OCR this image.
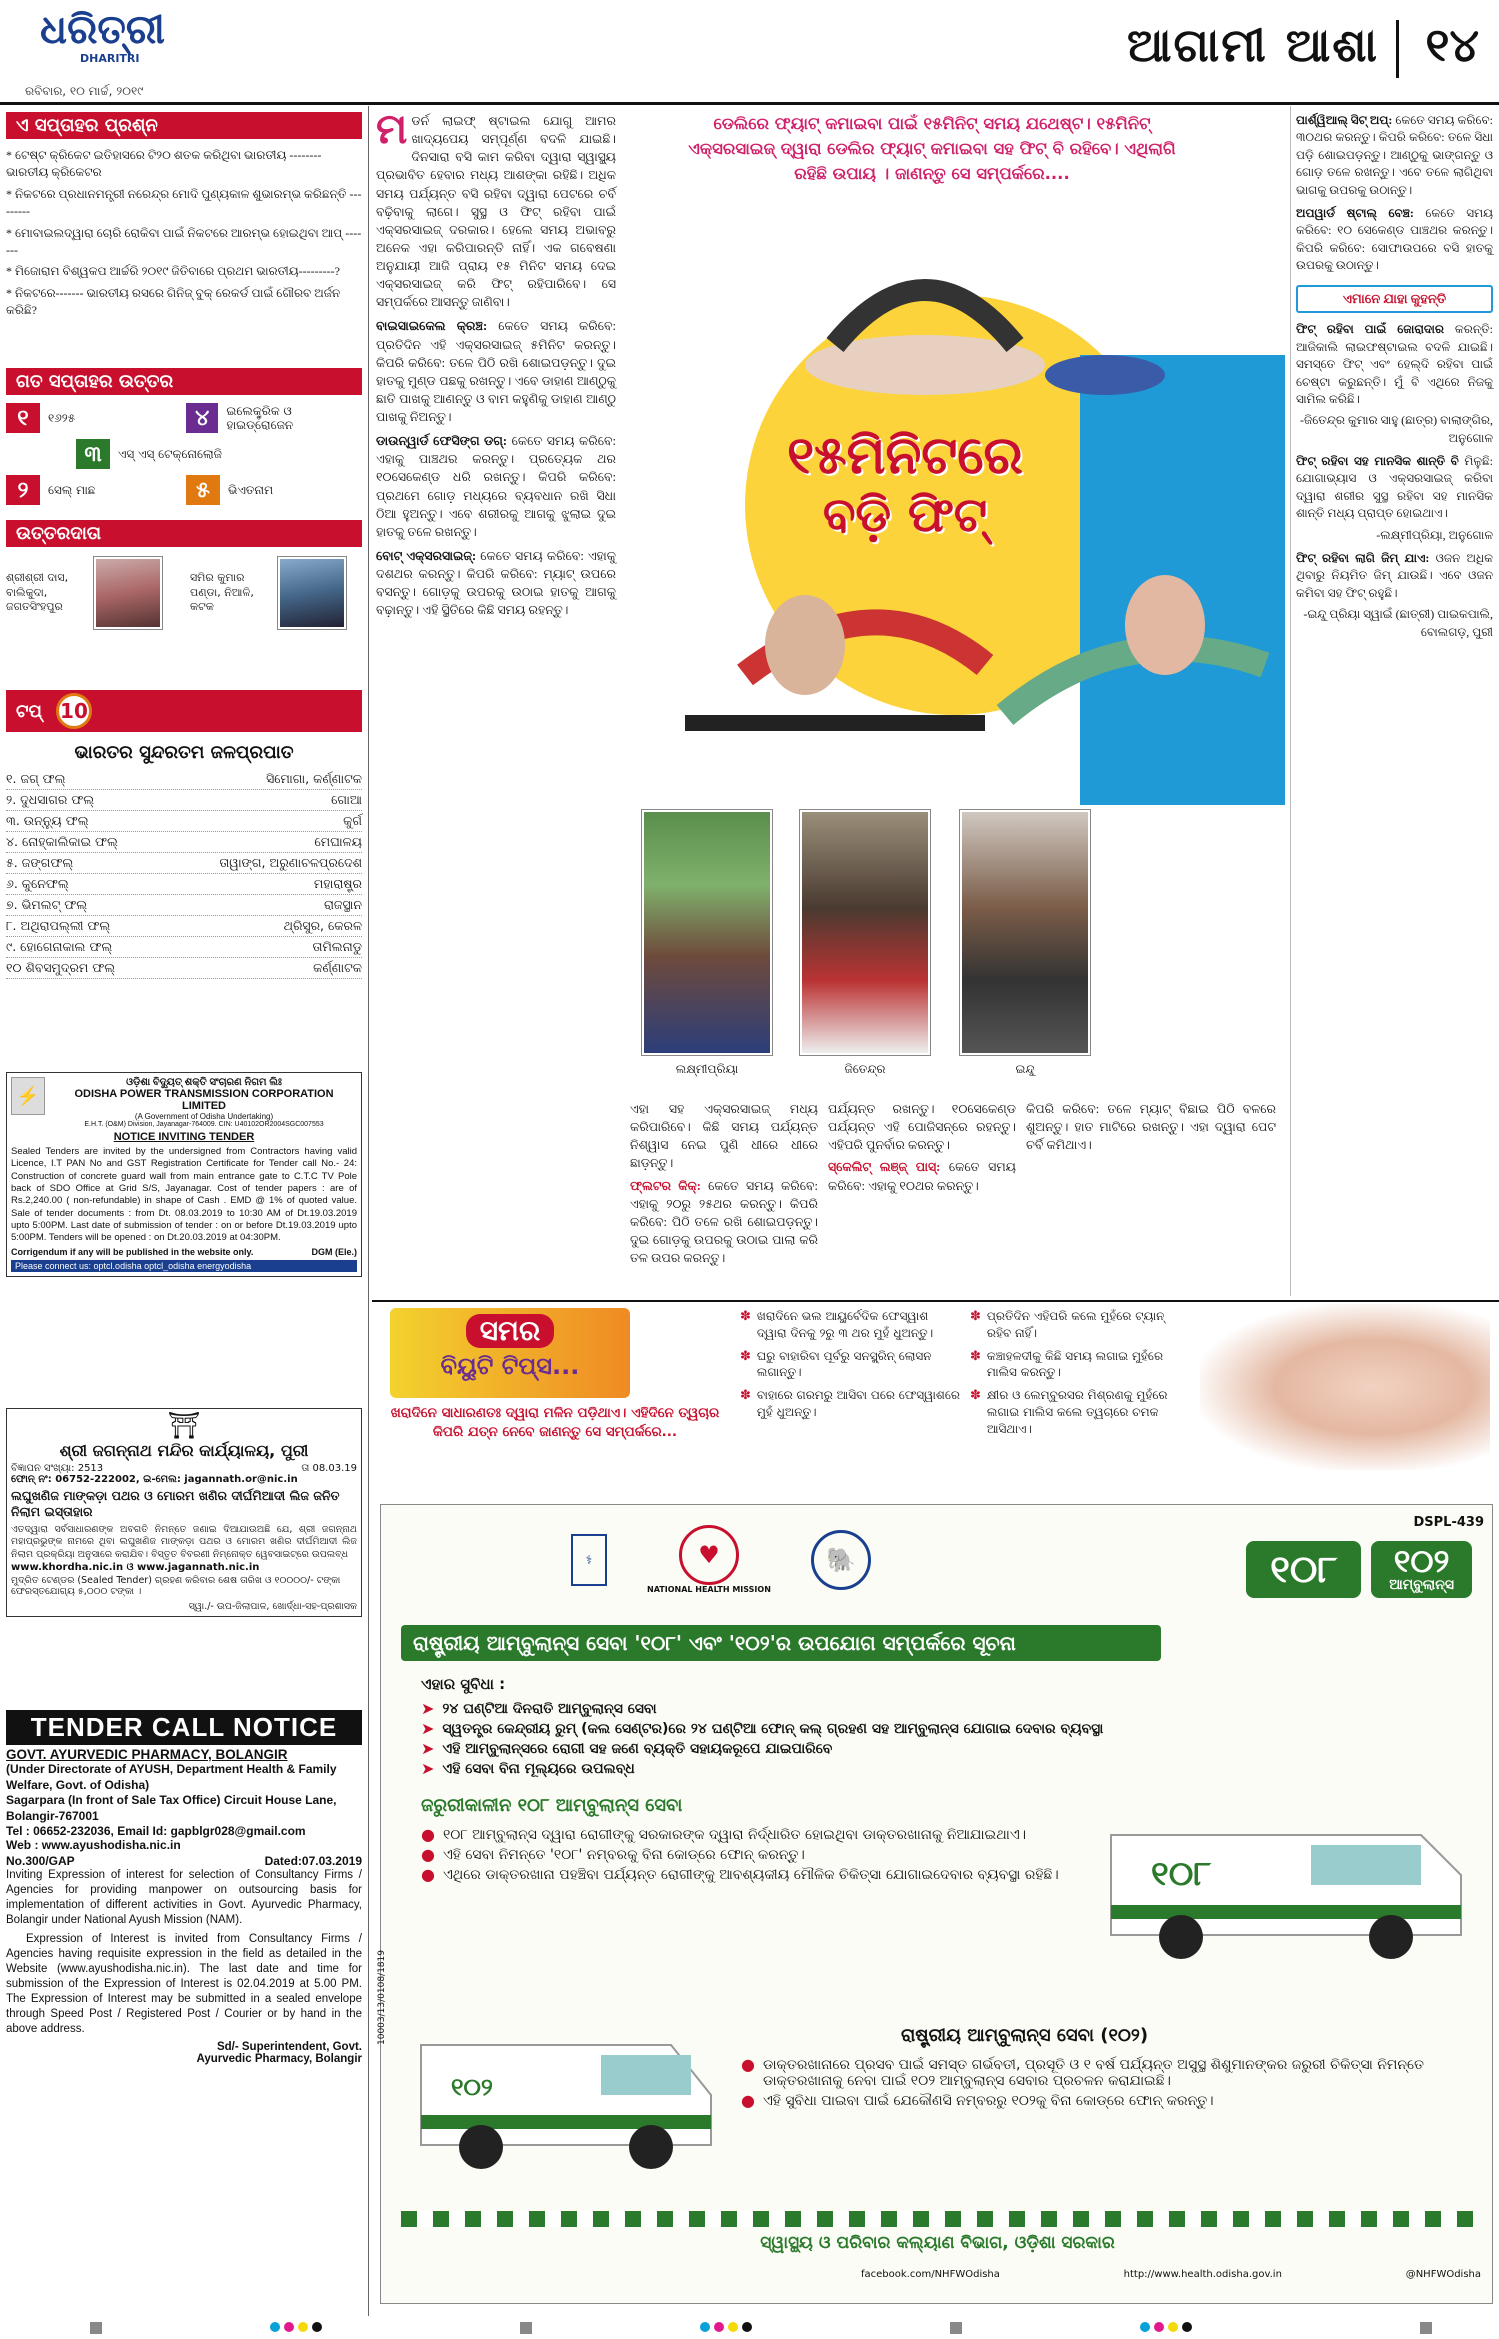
ଧରିତ୍ରୀ
DHARITRI
ରବିବାର, ୧୦ ମାର୍ଚ୍ଚ, ୨୦୧୯
ଆଗାମୀ ଆଶା ୧୪
ଏ ସପ୍ତାହର ପ୍ରଶ୍ନ
* ଟେଷ୍ଟ କ୍ରିକେଟ ଇତିହାସରେ ଟି୨୦ ଶତକ କରିଥିବା ଭାରତୀୟ --------ଭାରତୀୟ କ୍ରିକେଟର
* ନିକଟରେ ପ୍ରଧାନମନ୍ତ୍ରୀ ନରେନ୍ଦ୍ର ମୋଦି ପୁଣ୍ୟକାଳ ଶୁଭାରମ୍ଭ କରିଛନ୍ତି ---------
* ମୋବାଇଲଦ୍ୱାରା ଚୋରି ରୋକିବା ପାଇଁ ନିକଟରେ ଆରମ୍ଭ ହୋଇଥିବା ଆପ୍ -------
* ମିଜୋରାମ ବିଶ୍ୱକପ ଆର୍ଚ୍ଚରି ୨୦୧୯ ଜିତିବାରେ ପ୍ରଥମ ଭାରତୀୟ---------?
* ନିକଟରେ------- ଭାରତୀୟ ରସରେ ଗିନିଜ୍ ବୁକ୍ ରେକର୍ଡ ପାଇଁ ଗୌରବ ଅର୍ଜନ କରିଛି?
ଗତ ସପ୍ତାହର ଉତ୍ତର
୧	୧୬୨୫	୪	ଇଲେକ୍ଟ୍ରିକ ଓ ହାଇଡ୍ରୋଜେନ
୩	ଏସ୍ ଏସ୍ ଟେକ୍ନୋଲୋଜି
୨	ସେଲ୍ ମାଛ	୫	ଭିଏତନାମ
ଉତ୍ତରଦାତା
ଶ୍ରୀଶ୍ରୀ ଦାସ, ବାଲିକୁଦା, ଜଗତସିଂହପୁର
ସମିର କୁମାର ପଣ୍ଡା, ନିଆଳି, କଟକ
ଟପ୍ 10
ଭାରତର ସୁନ୍ଦରତମ ଜଳପ୍ରପାତ
୧. ଜଗ୍ ଫଲ୍	ସିମୋଗା, କର୍ଣ୍ଣାଟକ
୨. ଦୁଧସାଗର ଫଲ୍	ଗୋଆ
୩. ଉନ୍ନ୍ୟୁ ଫଲ୍	କୁର୍ଗ
୪. ନୋହ୍‌କାଲିକାଇ ଫଲ୍	ମେଘାଳୟ
୫. ଜଙ୍ଗଫଲ୍	ତାୱାଙ୍ଗ, ଅରୁଣାଚଳପ୍ରଦେଶ
୬. କୁନେଫଲ୍	ମହାରାଷ୍ଟ୍ର
୭. ଭିମଲଟ୍ ଫଲ୍	ରାଜସ୍ଥାନ
୮. ଅଥିରାପଲ୍ଲୀ ଫଲ୍	ଥ୍ରିସୁର, କେରଳ
୯. ହୋଗେନାକାଲ ଫଲ୍	ତାମିଲନାଡୁ
୧୦ ଶିବସମୁଦ୍ରମ ଫଲ୍	କର୍ଣ୍ଣାଟକ
⚡
ଓଡ଼ିଶା ବିଦ୍ୟୁତ୍ ଶକ୍ତି ସଂଚାରଣ ନିଗମ ଲିଃ
ODISHA POWER TRANSMISSION CORPORATION LIMITED
(A Government of Odisha Undertaking)
E.H.T. (O&M) Division, Jayanagar-764009. CIN: U40102OR2004SGC007553
NOTICE INVITING TENDER
Sealed Tenders are invited by the undersigned from Contractors having valid Licence, I.T PAN No and GST Registration Certificate for Tender call No.- 24: Construction of concrete guard wall from main entrance gate to C.T.C TV Pole back of SDO Office at Grid S/S, Jayanagar. Cost of tender papers : are of Rs.2,240.00 ( non-refundable) in shape of Cash . EMD @ 1% of quoted value. Sale of tender documents : from Dt. 08.03.2019 to 10:30 AM of Dt.19.03.2019 upto 5:00PM. Last date of submission of tender : on or before Dt.19.03.2019 upto 5:00PM. Tenders will be opened : on Dt.20.03.2019 at 04:30PM.
Corrigendum if any will be published in the website only.	DGM (Ele.)
Please connect us: optcl.odisha optcl_odisha energyodisha
⛩
ଶ୍ରୀ ଜଗନ୍ନାଥ ମନ୍ଦିର କାର୍ଯ୍ୟାଳୟ, ପୁରୀ
ବିଜ୍ଞାପନ ସଂଖ୍ୟା: 2513	ତା 08.03.19
ଫୋନ୍ ନଂ: 06752-222002, ଇ-ମେଲ: jagannath.or@nic.in
ଲଘୁଖଣିଜ ମାଙ୍କଡ଼ା ପଥର ଓ ମୋରମ ଖଣିର ଦୀର୍ଘମିଆଦୀ ଲିଜ ଜନିତ ନିଲାମ ଇସ୍ତାହାର
ଏତଦ୍ୱାରା ସର୍ବସାଧାରଣଙ୍କ ଅବଗତି ନିମନ୍ତେ ଜଣାଇ ଦିଆଯାଉଅଛି ଯେ, ଶ୍ରୀ ଜଗନ୍ନାଥ ମହାପ୍ରଭୁଙ୍କ ନାମରେ ଥିବା ଲଘୁଖଣିଜ ମାଙ୍କଡ଼ା ପଥର ଓ ମୋରମ ଖଣିର ଦୀର୍ଘମିଆଦୀ ଲିଜ ନିଲାମ ପ୍ରକ୍ରିୟା ଅନୁସାରେ କରାଯିବ। ବିସ୍ତୃତ ବିବରଣୀ ନିମ୍ନୋକ୍ତ ୱେବସାଇଟ୍‌ରେ ଉପଲବ୍ଧ
www.khordha.nic.in ଓ www.jagannath.nic.in
ମୁଦ୍ରିତ ଟେଣ୍ଡର (Sealed Tender) ଗ୍ରହଣ କରିବାର ଶେଷ ତାରିଖ ଓ ୧୦୦୦୦/- ଟଙ୍କା ଫେରସ୍ତଯୋଗ୍ୟ ୫,୦୦୦ ଟଙ୍କା ।
ସ୍ୱା./- ଉପ-ଜିଲାପାଳ, ଖୋର୍ଦ୍ଧା-ସହ-ପ୍ରଶାସକ
TENDER CALL NOTICE
GOVT. AYURVEDIC PHARMACY, BOLANGIR
(Under Directorate of AYUSH, Department Health & Family Welfare, Govt. of Odisha)
Sagarpara (In front of Sale Tax Office) Circuit House Lane, Bolangir-767001
Tel : 06652-232036, Email Id: gapblgr028@gmail.com
Web : www.ayushodisha.nic.in
No.300/GAP	Dated:07.03.2019
Inviting Expression of interest for selection of Consultancy Firms / Agencies for providing manpower on outsourcing basis for implementation of different activities in Govt. Ayurvedic Pharmacy, Bolangir under National Ayush Mission (NAM).
Expression of Interest is invited from Consultancy Firms / Agencies having requisite expression in the field as detailed in the Website (www.ayushodisha.nic.in). The last date and time for submission of the Expression of Interest is 02.04.2019 at 5.00 PM. The Expression of Interest may be submitted in a sealed envelope through Speed Post / Registered Post / Courier or by hand in the above address.
Sd/- Superintendent, Govt.
Ayurvedic Pharmacy, Bolangir
ଡେଲିରେ ଫ୍ୟାଟ୍ କମାଇବା ପାଇଁ ୧୫ମିନିଟ୍ ସମୟ ଯଥେଷ୍ଟ। ୧୫ମିନିଟ୍ ଏକ୍ସରସାଇଜ୍ ଦ୍ୱାରା ଡେଲିର ଫ୍ୟାଟ୍ କମାଇବା ସହ ଫିଟ୍ ବି ରହିବେ। ଏଥିଲାଗି ରହିଛି ଉପାୟ । ଜାଣନ୍ତୁ ସେ ସମ୍ପର୍କରେ....
ମ ଡର୍ନ ଲାଇଫ୍ ଷ୍ଟାଇଲ ଯୋଗୁ ଆମର ଖାଦ୍ୟପେୟ ସମ୍ପୂର୍ଣ୍ଣ ବଦଳି ଯାଇଛି। ଦିନସାରା ବସି କାମ କରିବା ଦ୍ୱାରା ସ୍ୱାସ୍ଥ୍ୟ ପ୍ରଭାବିତ ହେବାର ମଧ୍ୟ ଆଶଙ୍କା ରହିଛି। ଅଧିକ ସମୟ ପର୍ଯ୍ୟନ୍ତ ବସି ରହିବା ଦ୍ୱାରା ପେଟରେ ଚର୍ବି ବଢ଼ିବାକୁ ଲାଗେ। ସୁସ୍ଥ ଓ ଫିଟ୍ ରହିବା ପାଇଁ ଏକ୍ସରସାଇଜ୍ ଦରକାର। ହେଲେ ସମୟ ଅଭାବରୁ ଅନେକ ଏହା କରିପାରନ୍ତି ନାହିଁ। ଏକ ଗବେଷଣା ଅନୁଯାୟୀ ଆଜି ପ୍ରାୟ ୧୫ ମିନିଟ ସମୟ ଦେଇ ଏକ୍ସରସାଇଜ୍ କରି ଫିଟ୍ ରହିପାରିବେ। ସେ ସମ୍ପର୍କରେ ଆସନ୍ତୁ ଜାଣିବା।

ବାଇସାଇକେଲ କ୍ରଞ୍ଚ: କେତେ ସମୟ କରିବେ: ପ୍ରତିଦିନ ଏହି ଏକ୍ସରସାଇଜ୍ ୫ମିନିଟ କରନ୍ତୁ। କିପରି କରିବେ: ତଳେ ପିଠି ରଖି ଶୋଇପଡ଼ନ୍ତୁ। ଦୁଇ ହାତକୁ ମୁଣ୍ଡ ପଛକୁ ରଖନ୍ତୁ। ଏବେ ଡାହାଣ ଆଣ୍ଠୁକୁ ଛାତି ପାଖକୁ ଆଣନ୍ତୁ ଓ ବାମ କହୁଣିକୁ ଡାହାଣ ଆଣ୍ଠୁ ପାଖକୁ ନିଅନ୍ତୁ।

ଡାଉନ୍‌ୱାର୍ଡ ଫେସିଙ୍ଗ ଡଗ୍: କେତେ ସମୟ କରିବେ: ଏହାକୁ ପାଞ୍ଚଥର କରନ୍ତୁ। ପ୍ରତ୍ୟେକ ଥର ୧୦ସେକେଣ୍ଡ ଧରି ରଖନ୍ତୁ। କିପରି କରିବେ: ପ୍ରଥମେ ଗୋଡ଼ ମଧ୍ୟରେ ବ୍ୟବଧାନ ରଖି ସିଧା ଠିଆ ହୁଅନ୍ତୁ। ଏବେ ଶରୀରକୁ ଆଗକୁ ଝୁଲାଇ ଦୁଇ ହାତକୁ ତଳେ ରଖନ୍ତୁ।

ବୋଟ୍ ଏକ୍ସରସାଇଜ୍: କେତେ ସମୟ କରିବେ: ଏହାକୁ ଦଶଥର କରନ୍ତୁ। କିପରି କରିବେ: ମ୍ୟାଟ୍ ଉପରେ ବସନ୍ତୁ। ଗୋଡ଼କୁ ଉପରକୁ ଉଠାଇ ହାତକୁ ଆଗକୁ ବଢ଼ାନ୍ତୁ। ଏହି ସ୍ଥିତିରେ କିଛି ସମୟ ରହନ୍ତୁ।

୧୫ମିନିଟରେ
ବଡ଼ି ଫିଟ୍
ଲକ୍ଷ୍ମୀପ୍ରିୟା	ଜିତେନ୍ଦ୍ର	ଇନ୍ଦୁ
ଏହା ସହ ଏକ୍ସରସାଇଜ୍ ମଧ୍ୟ କରିପାରିବେ। କିଛି ସମୟ ପର୍ଯ୍ୟନ୍ତ ନିଶ୍ୱାସ ନେଇ ପୁଣି ଧୀରେ ଧୀରେ ଛାଡ଼ନ୍ତୁ।

ଫ୍ଲଟର କିକ୍: କେତେ ସମୟ କରିବେ: ଏହାକୁ ୨୦ରୁ ୨୫ଥର କରନ୍ତୁ। କିପରି କରିବେ: ପିଠି ତଳେ ରଖି ଶୋଇପଡ଼ନ୍ତୁ। ଦୁଇ ଗୋଡ଼କୁ ଉପରକୁ ଉଠାଇ ପାଲା କରି ତଳ ଉପର କରନ୍ତୁ।

ପର୍ଯ୍ୟନ୍ତ ରଖନ୍ତୁ। ୧୦ସେକେଣ୍ଡ ପର୍ଯ୍ୟନ୍ତ ଏହି ପୋଜିସନ୍‌ରେ ରହନ୍ତୁ। ଏହିପରି ପୁନର୍ବାର କରନ୍ତୁ।

ସ୍କେଲିଟ୍ ଲଞ୍ଜ୍ ପାସ୍: କେତେ ସମୟ କରିବେ: ଏହାକୁ ୧୦ଥର କରନ୍ତୁ।

କିପରି କରିବେ: ତଳେ ମ୍ୟାଟ୍ ବିଛାଇ ପିଠି ବଳରେ ଶୁଅନ୍ତୁ। ହାତ ମାଟିରେ ରଖନ୍ତୁ। ଏହା ଦ୍ୱାରା ପେଟ ଚର୍ବି କମିଥାଏ।

ପାର୍ଶ୍ୱିଆଲ୍ ସିଟ୍ ଅପ୍: କେତେ ସମୟ କରିବେ: ୩୦ଥର କରନ୍ତୁ। କିପରି କରିବେ: ତଳେ ସିଧା ପଡ଼ି ଶୋଇପଡ଼ନ୍ତୁ। ଆଣ୍ଠୁକୁ ଭାଙ୍ଗନ୍ତୁ ଓ ଗୋଡ଼ ତଳେ ରଖନ୍ତୁ। ଏବେ ତଳେ ଲାଗିଥିବା ଭାଗକୁ ଉପରକୁ ଉଠାନ୍ତୁ।

ଅପୱାର୍ଡ ଷ୍ଟାଲ୍ ବେଞ୍ଚ: କେତେ ସମୟ କରିବେ: ୧୦ ସେକେଣ୍ଡ ପାଞ୍ଚଥର କରନ୍ତୁ। କିପରି କରିବେ: ସୋଫାଉପରେ ବସି ହାତକୁ ଉପରକୁ ଉଠାନ୍ତୁ।

ଏମାନେ ଯାହା କୁହନ୍ତି

ଫିଟ୍ ରହିବା ପାଇଁ ଜୋରାଦାର କରନ୍ତି: ଆଜିକାଲି ଲାଇଫଷ୍ଟାଇଲ ବଦଳି ଯାଇଛି। ସମସ୍ତେ ଫିଟ୍ ଏବଂ ହେଲ୍ଦି ରହିବା ପାଇଁ ଚେଷ୍ଟା କରୁଛନ୍ତି। ମୁଁ ବି ଏଥିରେ ନିଜକୁ ସାମିଲ କରିଛି।

-ଜିତେନ୍ଦ୍ର କୁମାର ସାହୁ (ଛାତ୍ର) ବାଲାଙ୍ଗିର, ଅନୁଗୋଳ

ଫିଟ୍ ରହିବା ସହ ମାନସିକ ଶାନ୍ତି ବି ମିଳୁଛି: ଯୋଗାଭ୍ୟାସ ଓ ଏକ୍ସରସାଇଜ୍ କରିବା ଦ୍ୱାରା ଶରୀର ସୁସ୍ଥ ରହିବା ସହ ମାନସିକ ଶାନ୍ତି ମଧ୍ୟ ପ୍ରାପ୍ତ ହୋଇଥାଏ।

-ଲକ୍ଷ୍ମୀପ୍ରିୟା, ଅନୁଗୋଳ

ଫିଟ୍ ରହିବା ଲାଗି ଜିମ୍ ଯାଏ: ଓଜନ ଅଧିକ ଥିବାରୁ ନିୟମିତ ଜିମ୍ ଯାଉଛି। ଏବେ ଓଜନ କମିବା ସହ ଫିଟ୍ ରହୁଛି।

-ଇନ୍ଦୁ ପ୍ରିୟା ସ୍ୱାଇଁ (ଛାତ୍ରୀ) ପାଇକପାଲି, ବୋଲଗଡ଼, ପୁରୀ

ସମର
ବିୟୁଟି ଟିପ୍ସ...
ଖରାଦିନେ ସାଧାରଣତଃ ଦ୍ୱାରା ମଳିନ ପଡ଼ିଥାଏ। ଏହିଦିନେ ତ୍ୱଚାର କିପରି ଯତ୍ନ ନେବେ ଜାଣନ୍ତୁ ସେ ସମ୍ପର୍କରେ...
✽ ଖରାଦିନେ ଭଲ ଆୟୁର୍ବେଦିକ ଫେସ୍‌ୱାଶ ଦ୍ୱାରା ଦିନକୁ ୨ରୁ ୩ ଥର ମୁହଁ ଧୁଅନ୍ତୁ।
✽ ଘରୁ ବାହାରିବା ପୂର୍ବରୁ ସନସ୍କ୍ରିନ୍ ଲୋସନ ଲଗାନ୍ତୁ।
✽ ବାହାରେ ଗରମରୁ ଆସିବା ପରେ ଫେସ୍‌ୱାଶରେ ମୁହଁ ଧୁଅନ୍ତୁ।
✽ ପ୍ରତିଦିନ ଏହିପରି କଲେ ମୁହଁରେ ଟ୍ୟାନ୍ ରହିବ ନାହିଁ।
✽ କଞ୍ଚାହଳଦୀକୁ କିଛି ସମୟ ଲଗାଇ ମୁହଁରେ ମାଲିସ କରନ୍ତୁ।
✽ କ୍ଷୀର ଓ ଲେମ୍ବୁରସର ମିଶ୍ରଣକୁ ମୁହଁରେ ଲଗାଇ ମାଲିସ କଲେ ତ୍ୱଚାରେ ଚମକ ଆସିଥାଏ।
DSPL-439
⚕	♥
NATIONAL HEALTH MISSION
🐘	୧୦୮	୧୦୨
ଆମ୍ବୁଲାନ୍ସ
ରାଷ୍ଟ୍ରୀୟ ଆମ୍ବୁଲାନ୍ସ ସେବା '୧୦୮' ଏବଂ '୧୦୨'ର ଉପଯୋଗ ସମ୍ପର୍କରେ ସୂଚନା
ଏହାର ସୁବିଧା :
➤ ୨୪ ଘଣ୍ଟିଆ ଦିନରାତି ଆମ୍ବୁଲାନ୍ସ ସେବା
➤ ସ୍ୱତନ୍ତ୍ର କେନ୍ଦ୍ରୀୟ ରୁମ୍ (କଲ ସେଣ୍ଟର)ରେ ୨୪ ଘଣ୍ଟିଆ ଫୋନ୍ କଲ୍ ଗ୍ରହଣ ସହ ଆମ୍ବୁଲାନ୍ସ ଯୋଗାଇ ଦେବାର ବ୍ୟବସ୍ଥା
➤ ଏହି ଆମ୍ବୁଲାନ୍ସରେ ରୋଗୀ ସହ ଜଣେ ବ୍ୟକ୍ତି ସହାୟକରୂପେ ଯାଇପାରିବେ
➤ ଏହି ସେବା ବିନା ମୂଲ୍ୟରେ ଉପଲବ୍ଧ
ଜରୁରୀକାଳୀନ ୧୦୮ ଆମ୍ବୁଲାନ୍ସ ସେବା
● ୧୦୮ ଆମ୍ବୁଲାନ୍ସ ଦ୍ୱାରା ରୋଗୀଙ୍କୁ ସରକାରଙ୍କ ଦ୍ୱାରା ନିର୍ଦ୍ଧାରିତ ହୋଇଥିବା ଡାକ୍ତରଖାନାକୁ ନିଆଯାଇଥାଏ।
● ଏହି ସେବା ନିମନ୍ତେ '୧୦୮' ନମ୍ବରକୁ ବିନା କୋଡ୍‌ରେ ଫୋନ୍ କରନ୍ତୁ।
● ଏଥିରେ ଡାକ୍ତରଖାନା ପହଞ୍ଚିବା ପର୍ଯ୍ୟନ୍ତ ରୋଗୀଙ୍କୁ ଆବଶ୍ୟକୀୟ ମୌଳିକ ଚିକିତ୍ସା ଯୋଗାଇଦେବାର ବ୍ୟବସ୍ଥା ରହିଛି।	୧୦୮
୧୦୨
10003/13/0108/1819	ରାଷ୍ଟ୍ରୀୟ ଆମ୍ବୁଲାନ୍ସ ସେବା (୧୦୨)
● ଡାକ୍ତରଖାନାରେ ପ୍ରସବ ପାଇଁ ସମସ୍ତ ଗର୍ଭବତୀ, ପ୍ରସୂତି ଓ ୧ ବର୍ଷ ପର୍ଯ୍ୟନ୍ତ ଅସୁସ୍ଥ ଶିଶୁମାନଙ୍କର ଜରୁରୀ ଚିକିତ୍ସା ନିମନ୍ତେ ଡାକ୍ତରଖାନାକୁ ନେବା ପାଇଁ ୧୦୨ ଆମ୍ବୁଲାନ୍ସ ସେବାର ପ୍ରଚଳନ କରାଯାଇଛି।
● ଏହି ସୁବିଧା ପାଇବା ପାଇଁ ଯେକୌଣସି ନମ୍ବରରୁ ୧୦୨କୁ ବିନା କୋଡ୍‌ରେ ଫୋନ୍ କରନ୍ତୁ।
ସ୍ୱାସ୍ଥ୍ୟ ଓ ପରିବାର କଲ୍ୟାଣ ବିଭାଗ, ଓଡ଼ିଶା ସରକାର
facebook.com/NHFWOdisha	http://www.health.odisha.gov.in	@NHFWOdisha
